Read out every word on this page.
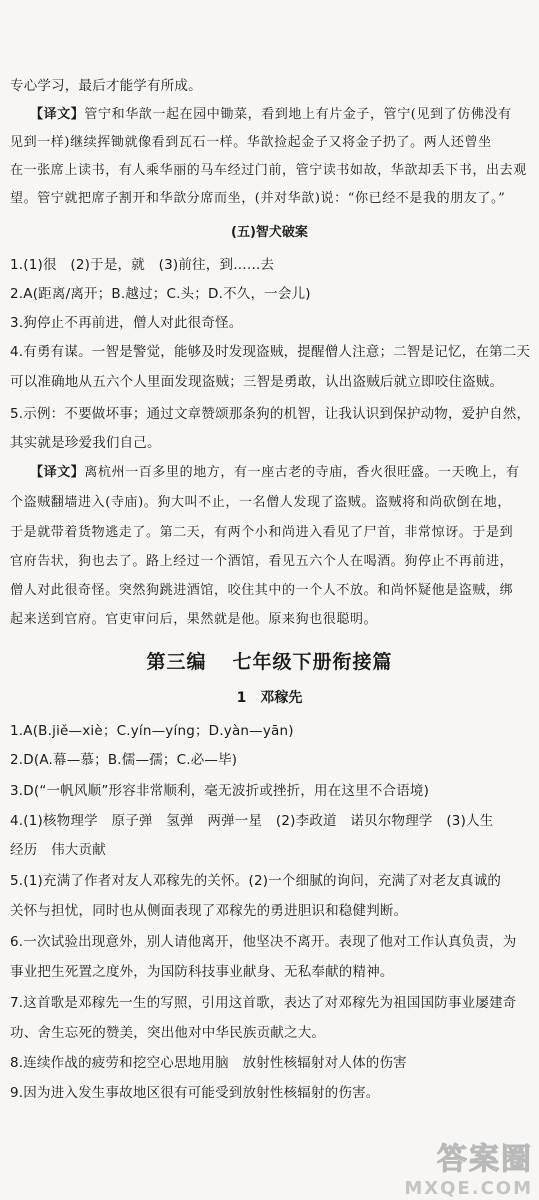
专心学习，最后才能学有所成。
【译文】管宁和华歆一起在园中锄菜，看到地上有片金子，管宁(见到了仿佛没有
见到一样)继续挥锄就像看到瓦石一样。华歆捡起金子又将金子扔了。两人还曾坐
在一张席上读书，有人乘华丽的马车经过门前，管宁读书如故，华歆却丢下书，出去观
望。管宁就把席子割开和华歆分席而坐，(并对华歆)说：“你已经不是我的朋友了。”
(五)智犬破案
1.(1)很　(2)于是，就　(3)前往，到……去
2.A(距离/离开；B.越过；C.头；D.不久，一会儿)
3.狗停止不再前进，僧人对此很奇怪。
4.有勇有谋。一智是警觉，能够及时发现盗贼，提醒僧人注意；二智是记忆，在第二天
可以准确地从五六个人里面发现盗贼；三智是勇敢，认出盗贼后就立即咬住盗贼。
5.示例：不要做坏事；通过文章赞颂那条狗的机智，让我认识到保护动物，爱护自然，
其实就是珍爱我们自己。
【译文】离杭州一百多里的地方，有一座古老的寺庙，香火很旺盛。一天晚上，有
个盗贼翻墙进入(寺庙)。狗大叫不止，一名僧人发现了盗贼。盗贼将和尚砍倒在地，
于是就带着货物逃走了。第二天，有两个小和尚进入看见了尸首，非常惊讶。于是到
官府告状，狗也去了。路上经过一个酒馆，看见五六个人在喝酒。狗停止不再前进，
僧人对此很奇怪。突然狗跳进酒馆，咬住其中的一个人不放。和尚怀疑他是盗贼，绑
起来送到官府。官吏审问后，果然就是他。原来狗也很聪明。
第三编 七年级下册衔接篇
1 邓稼先
1.A(B.jiě—xiè；C.yín—yíng；D.yàn—yān)
2.D(A.幕—慕；B.儒—孺；C.必—毕)
3.D(“一帆风顺”形容非常顺利，毫无波折或挫折，用在这里不合语境)
4.(1)核物理学　原子弹　氢弹　两弹一星　(2)李政道　诺贝尔物理学　(3)人生
经历　伟大贡献
5.(1)充满了作者对友人邓稼先的关怀。(2)一个细腻的询问，充满了对老友真诚的
关怀与担忧，同时也从侧面表现了邓稼先的勇进胆识和稳健判断。
6.一次试验出现意外，别人请他离开，他坚决不离开。表现了他对工作认真负责，为
事业把生死置之度外，为国防科技事业献身、无私奉献的精神。
7.这首歌是邓稼先一生的写照，引用这首歌，表达了对邓稼先为祖国国防事业屡建奇
功、舍生忘死的赞美，突出他对中华民族贡献之大。
8.连续作战的疲劳和挖空心思地用脑　放射性核辐射对人体的伤害
9.因为进入发生事故地区很有可能受到放射性核辐射的伤害。
答案圈
MXQE.COM
